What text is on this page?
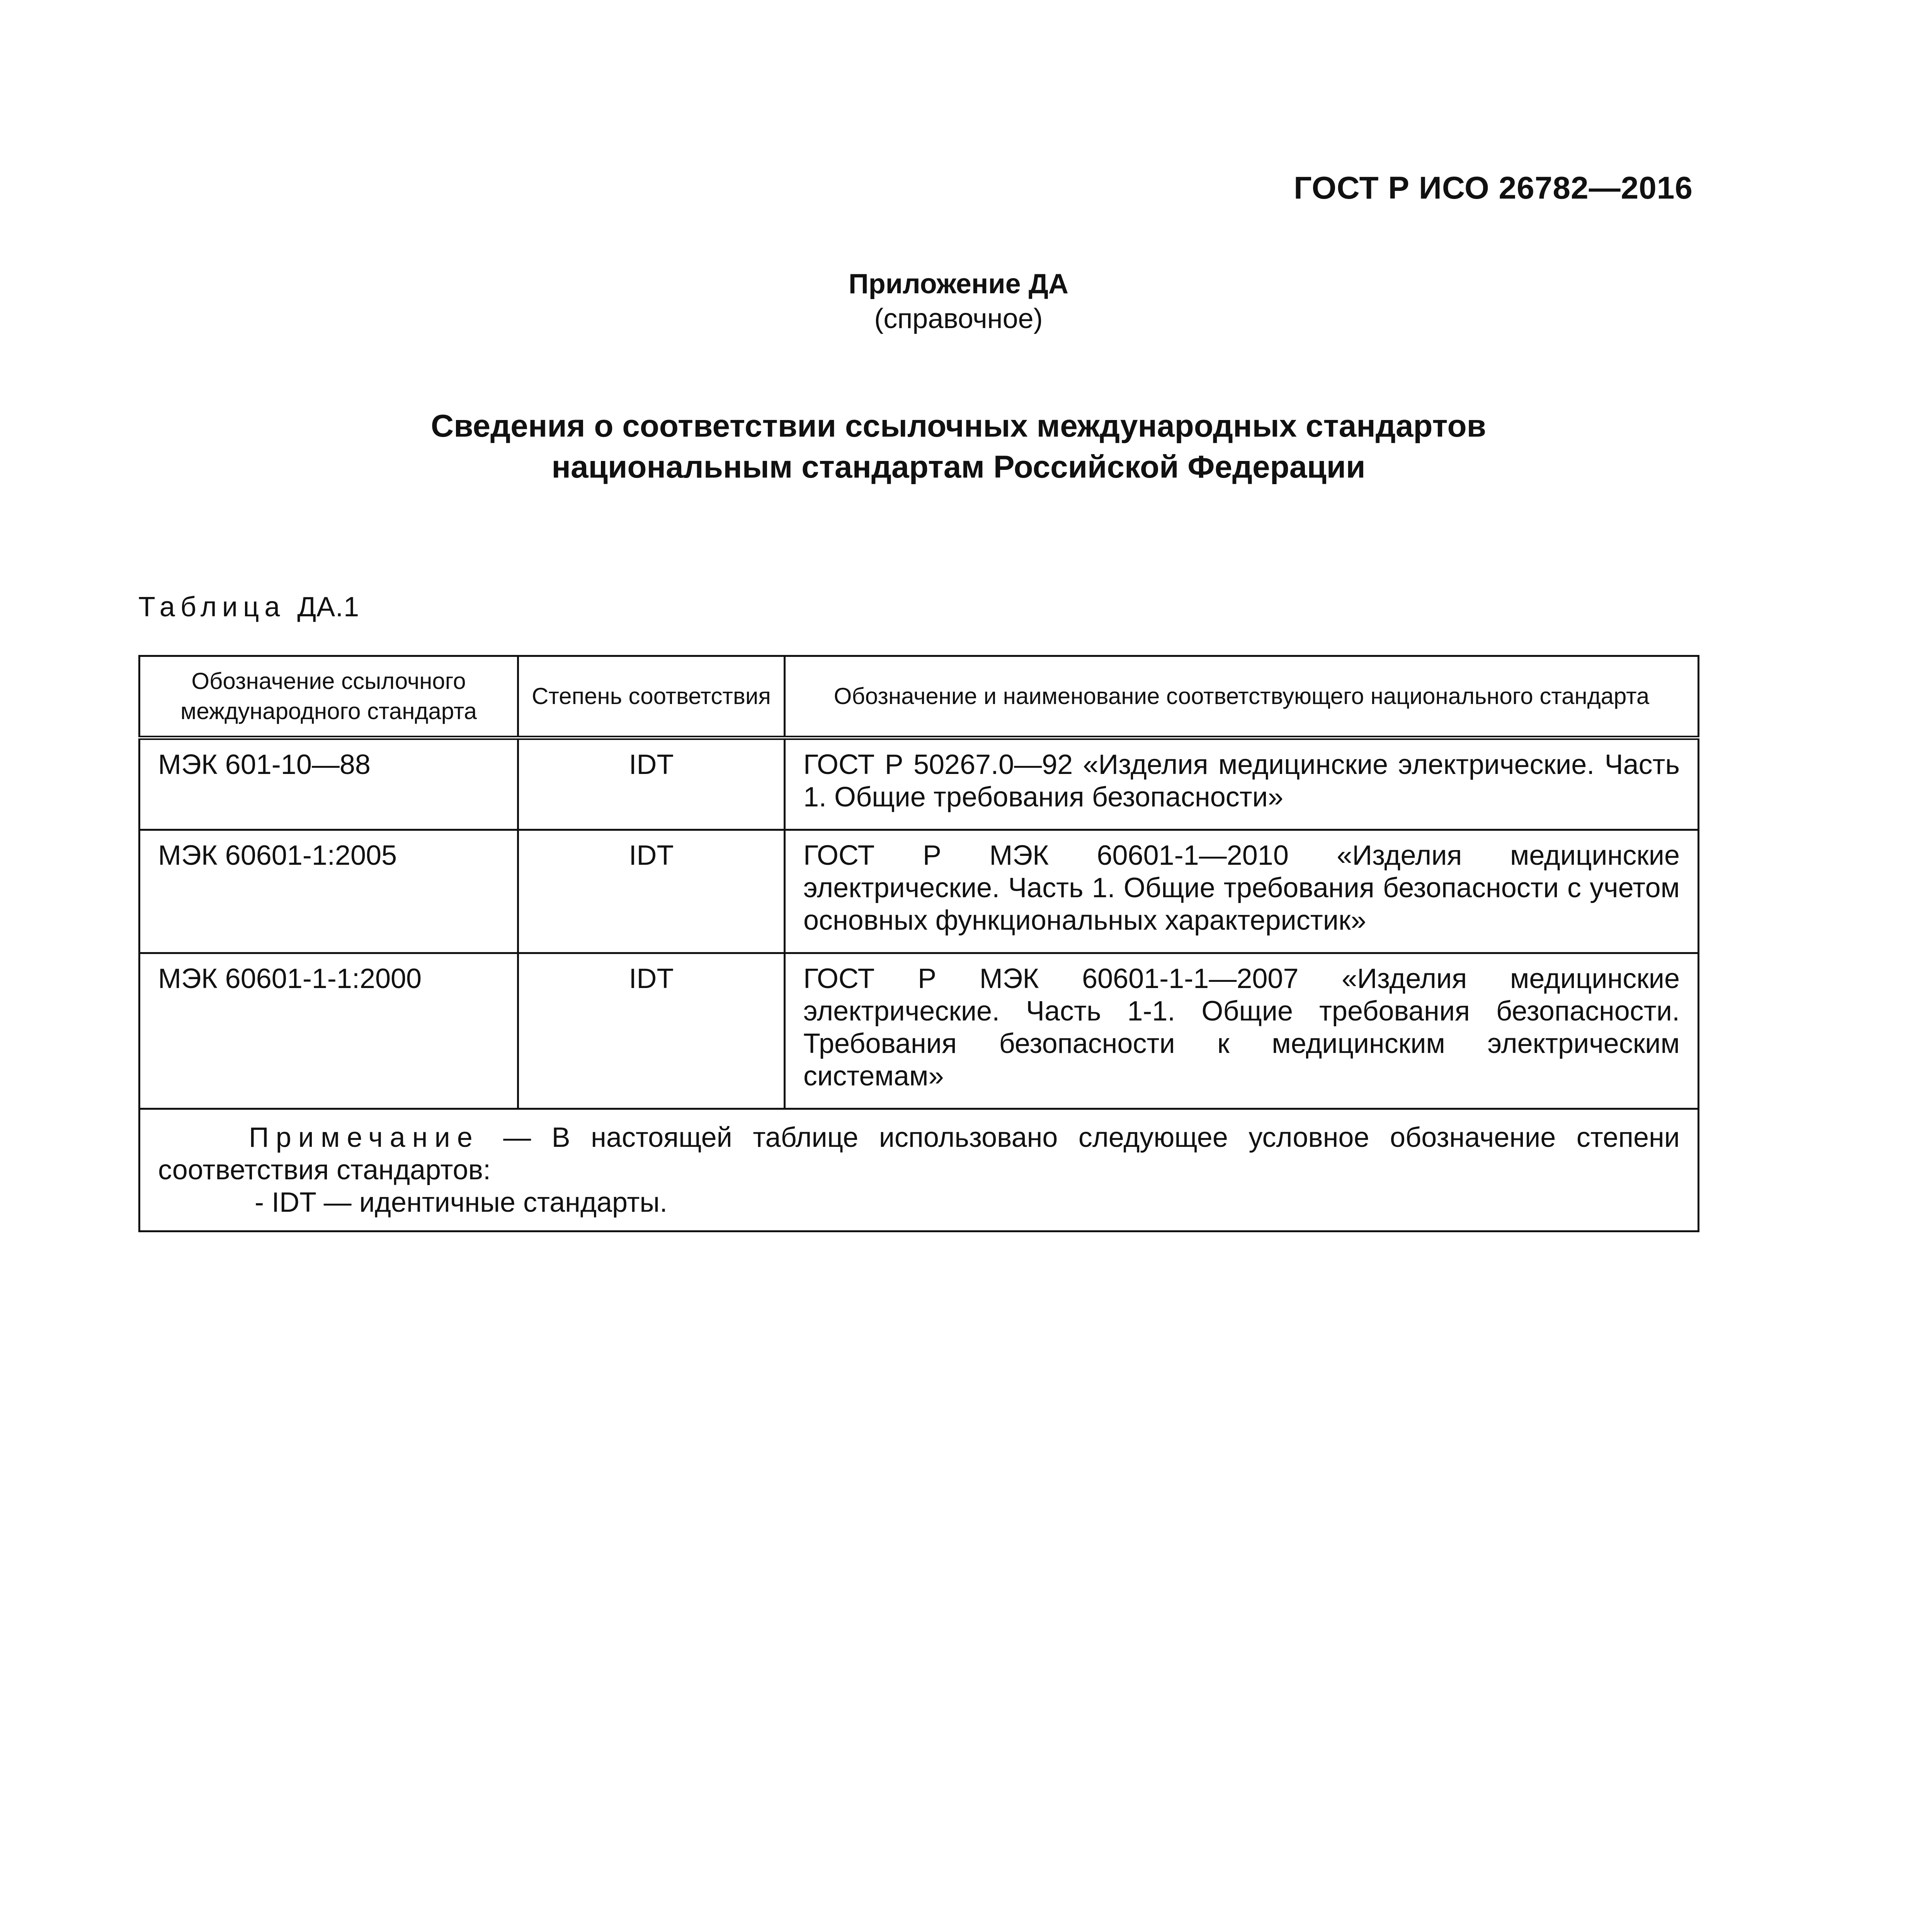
ГОСТ Р ИСО 26782—2016
Приложение ДА
(справочное)
Сведения о соответствии ссылочных международных стандартов
национальным стандартам Российской Федерации
Таблица ДА.1
Обозначение ссылочного международного стандарта	Степень соответствия	Обозначение и наименование соответствующего национального стандарта
МЭК 601-10—88	IDT	ГОСТ Р 50267.0—92 «Изделия медицинские электрические. Часть 1. Общие требования безопасности»
МЭК 60601-1:2005	IDT	ГОСТ Р МЭК 60601-1—2010 «Изделия медицинские электрические. Часть 1. Общие требования безопасности с учетом основных функциональных характеристик»
МЭК 60601-1-1:2000	IDT	ГОСТ Р МЭК 60601-1-1—2007 «Изделия медицинские электрические. Часть 1-1. Общие требования безопасности. Требования безопасности к медицинским электрическим системам»

Примечание — В настоящей таблице использовано следующее условное обозначение степени соответствия стандартов:
- IDT — идентичные стандарты.		
